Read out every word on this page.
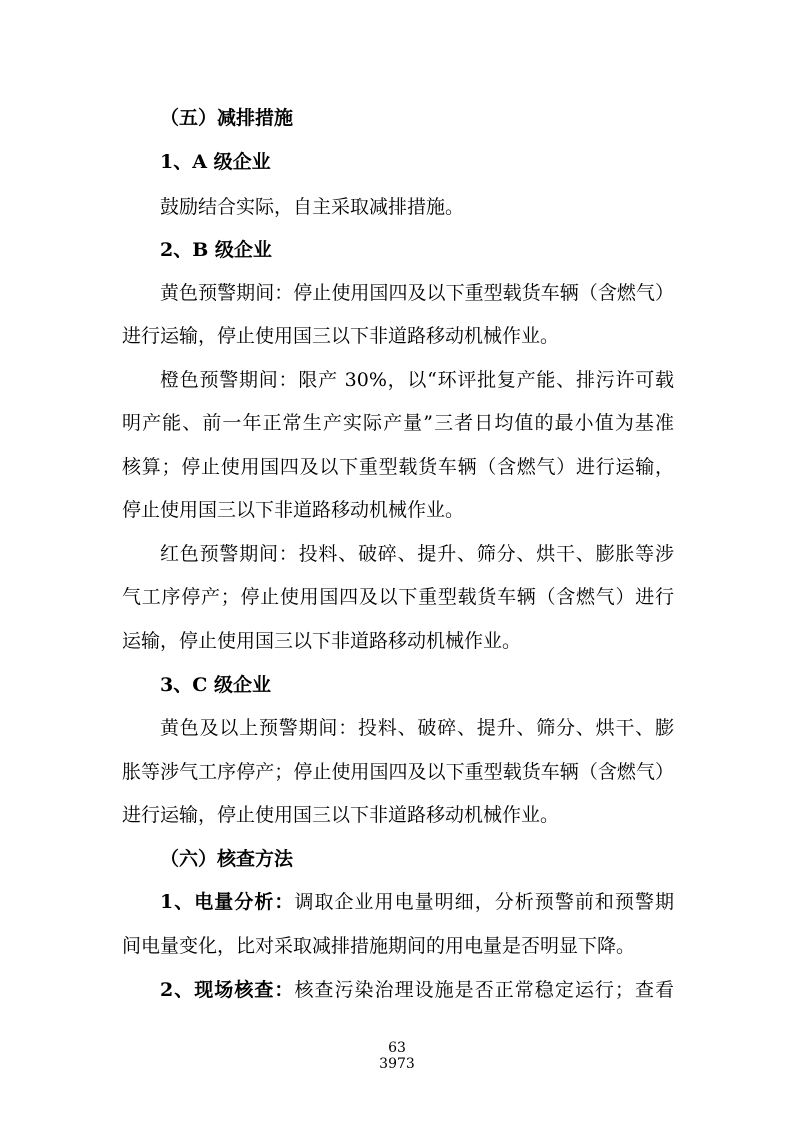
（五）减排措施
1、A 级企业
鼓励结合实际，自主采取减排措施。
2、B 级企业
黄色预警期间：停止使用国四及以下重型载货车辆（含燃气）
进行运输，停止使用国三以下非道路移动机械作业。
橙色预警期间：限产 30%，以“环评批复产能、排污许可载
明产能、前一年正常生产实际产量”三者日均值的最小值为基准
核算；停止使用国四及以下重型载货车辆（含燃气）进行运输，
停止使用国三以下非道路移动机械作业。
红色预警期间：投料、破碎、提升、筛分、烘干、膨胀等涉
气工序停产；停止使用国四及以下重型载货车辆（含燃气）进行
运输，停止使用国三以下非道路移动机械作业。
3、C 级企业
黄色及以上预警期间：投料、破碎、提升、筛分、烘干、膨
胀等涉气工序停产；停止使用国四及以下重型载货车辆（含燃气）
进行运输，停止使用国三以下非道路移动机械作业。
（六）核查方法
1、电量分析：调取企业用电量明细，分析预警前和预警期
间电量变化，比对采取减排措施期间的用电量是否明显下降。
2、现场核查：核查污染治理设施是否正常稳定运行；查看
63
3973
